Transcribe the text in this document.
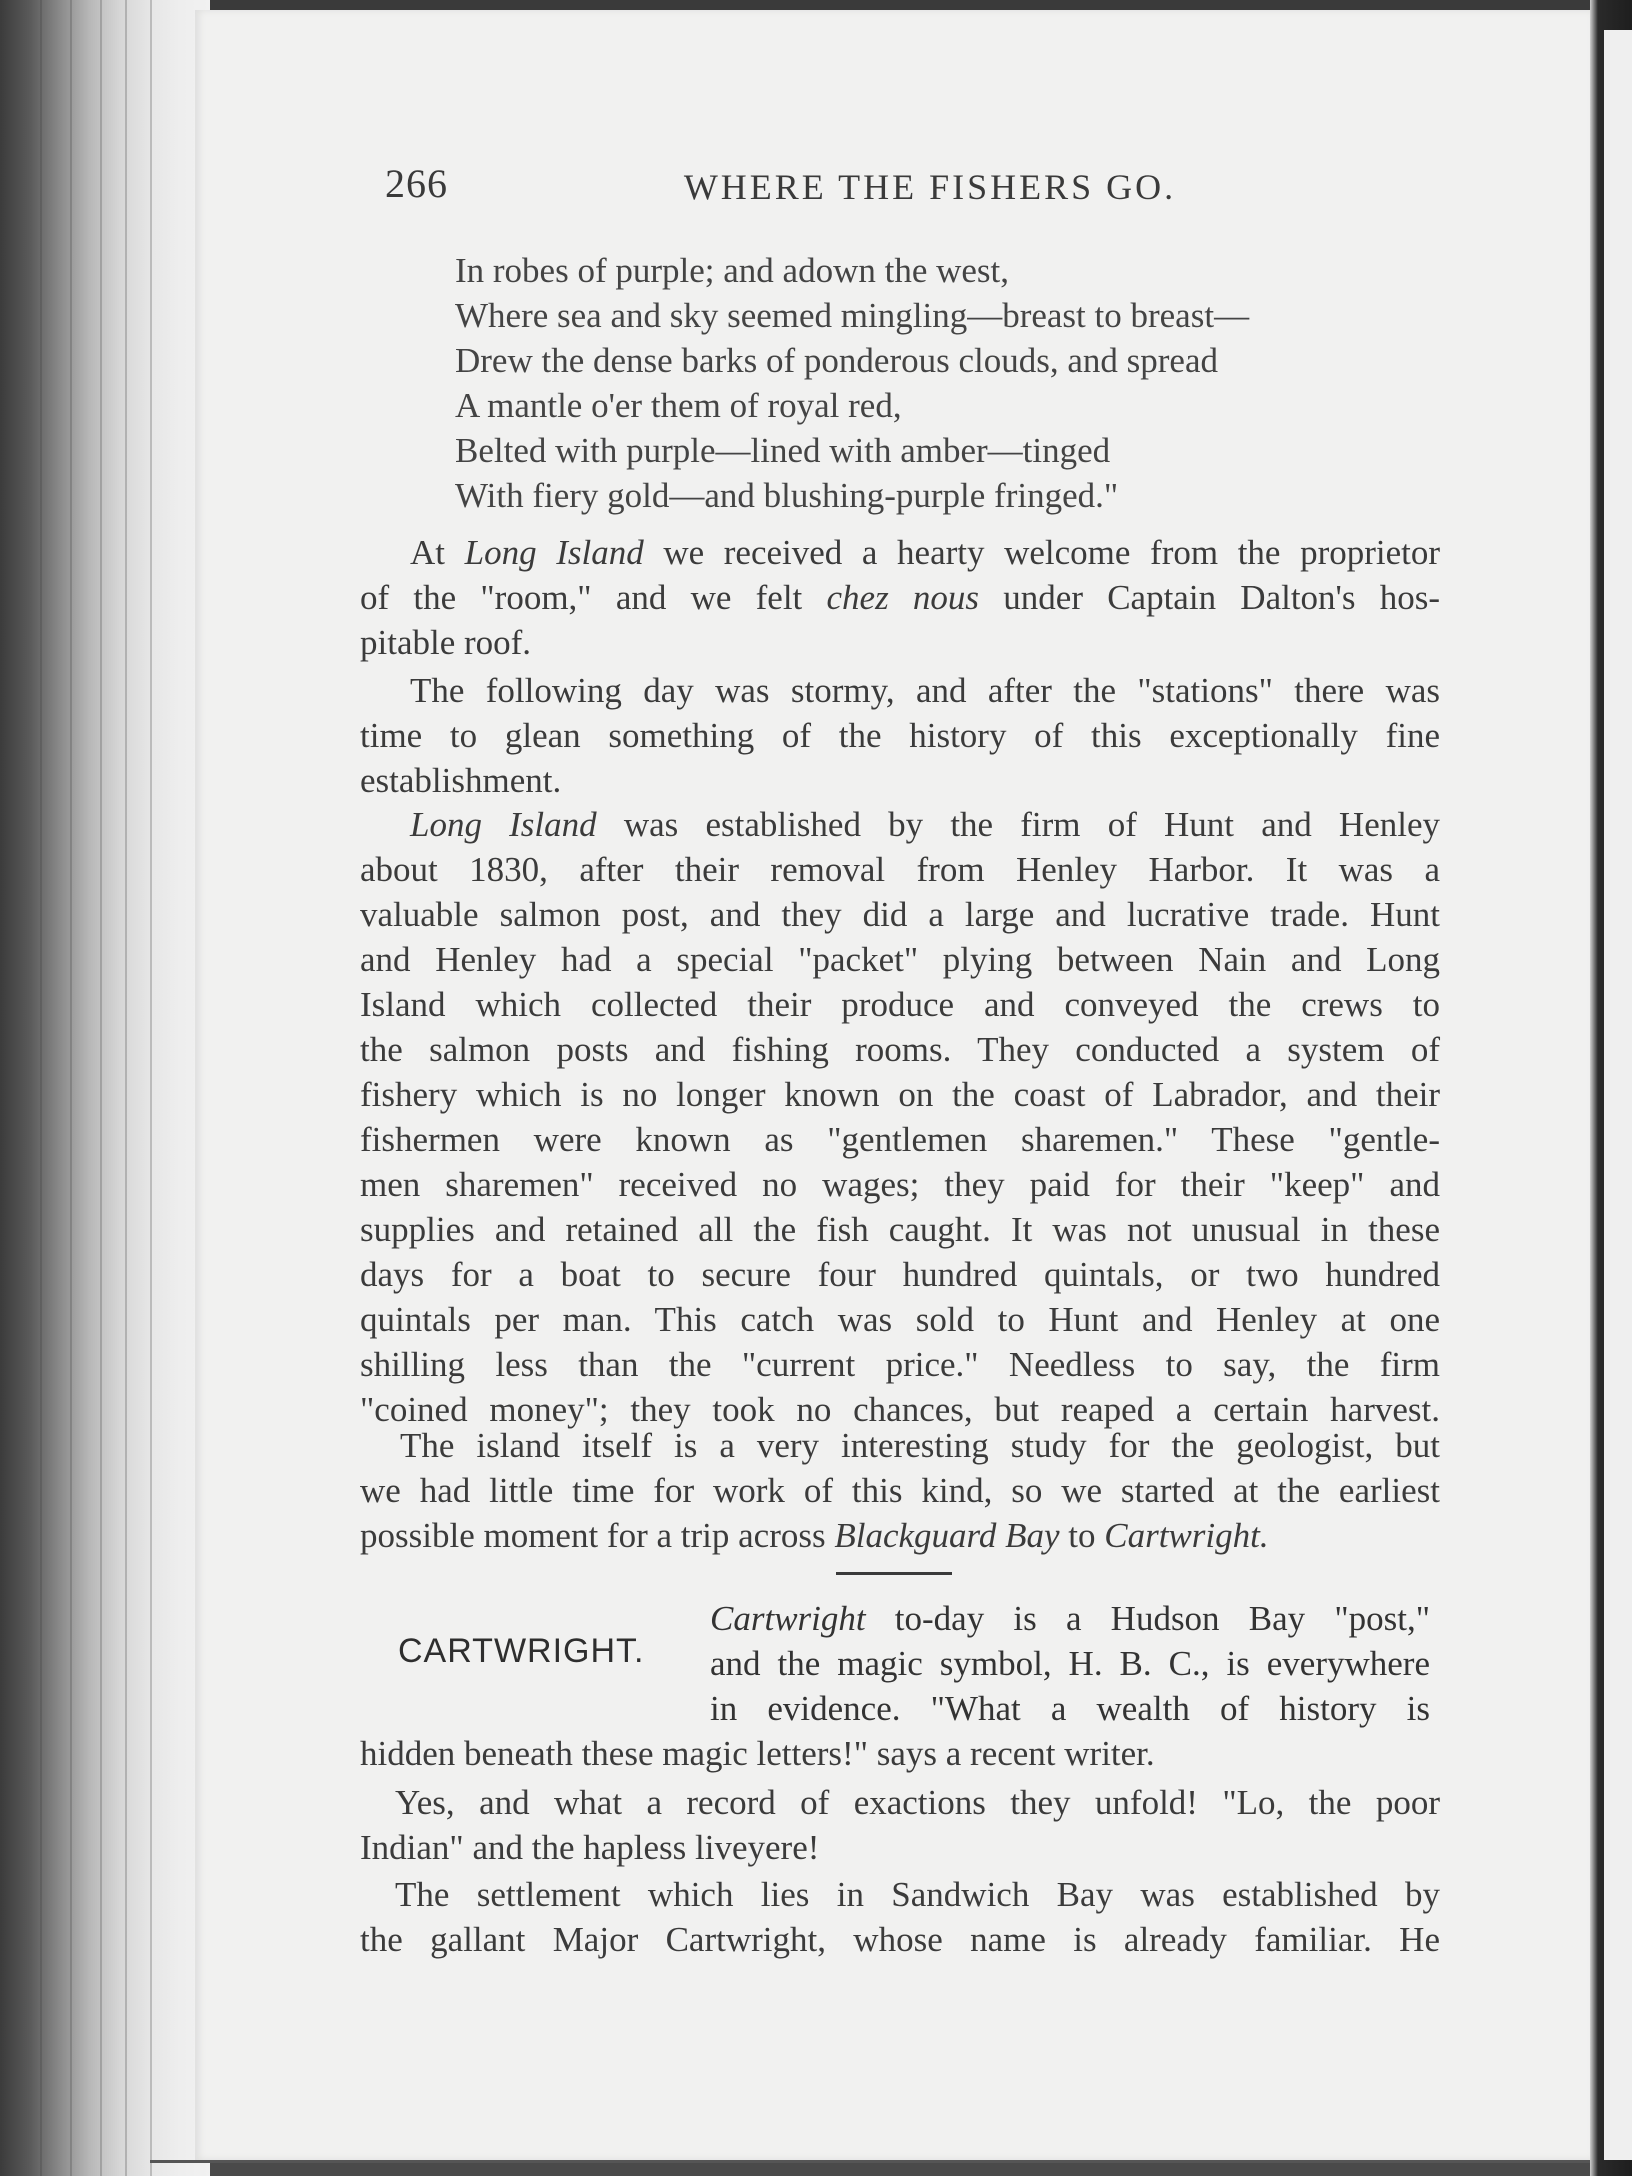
266	WHERE THE FISHERS GO.
In robes of purple; and adown the west,
Where sea and sky seemed mingling—breast to breast—
Drew the dense barks of ponderous clouds, and spread
A mantle o'er them of royal red,
Belted with purple—lined with amber—tinged
With fiery gold—and blushing-purple fringed."
At Long Island we received a hearty welcome from the proprietor
of the "room," and we felt chez nous under Captain Dalton's hos-
pitable roof.
The following day was stormy, and after the "stations" there was
time to glean something of the history of this exceptionally fine
establishment.
Long Island was established by the firm of Hunt and Henley
about 1830, after their removal from Henley Harbor. It was a
valuable salmon post, and they did a large and lucrative trade. Hunt
and Henley had a special "packet" plying between Nain and Long
Island which collected their produce and conveyed the crews to
the salmon posts and fishing rooms. They conducted a system of
fishery which is no longer known on the coast of Labrador, and their
fishermen were known as "gentlemen sharemen." These "gentle-
men sharemen" received no wages; they paid for their "keep" and
supplies and retained all the fish caught. It was not unusual in these
days for a boat to secure four hundred quintals, or two hundred
quintals per man. This catch was sold to Hunt and Henley at one
shilling less than the "current price." Needless to say, the firm
"coined money"; they took no chances, but reaped a certain harvest.
The island itself is a very interesting study for the geologist, but
we had little time for work of this kind, so we started at the earliest
possible moment for a trip across Blackguard Bay to Cartwright.
CARTWRIGHT.
Cartwright to-day is a Hudson Bay "post,"
and the magic symbol, H. B. C., is everywhere
in evidence. "What a wealth of history is
hidden beneath these magic letters!" says a recent writer.
Yes, and what a record of exactions they unfold! "Lo, the poor
Indian" and the hapless liveyere!
The settlement which lies in Sandwich Bay was established by
the gallant Major Cartwright, whose name is already familiar. He
